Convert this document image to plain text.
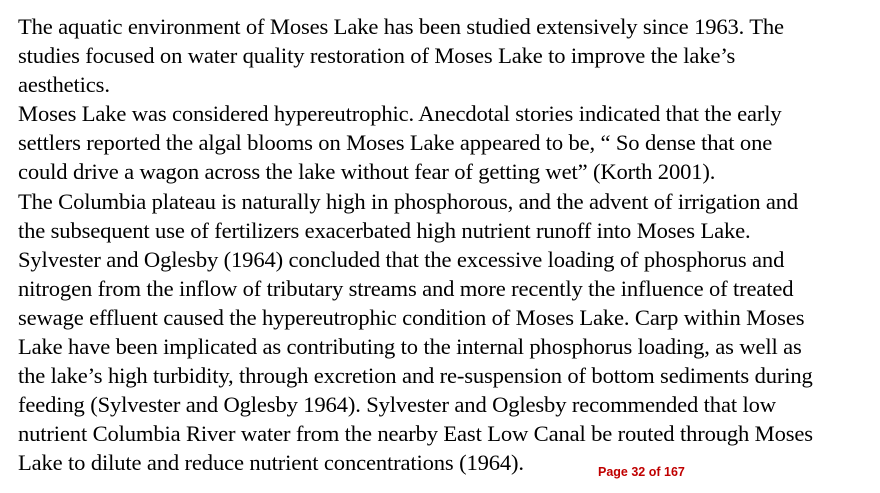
The aquatic environment of Moses Lake has been studied extensively since 1963. The
studies focused on water quality restoration of Moses Lake to improve the lake’s
aesthetics.
Moses Lake was considered hypereutrophic. Anecdotal stories indicated that the early
settlers reported the algal blooms on Moses Lake appeared to be, “ So dense that one
could drive a wagon across the lake without fear of getting wet” (Korth 2001).
The Columbia plateau is naturally high in phosphorous, and the advent of irrigation and
the subsequent use of fertilizers exacerbated high nutrient runoff into Moses Lake.
Sylvester and Oglesby (1964) concluded that the excessive loading of phosphorus and
nitrogen from the inflow of tributary streams and more recently the influence of treated
sewage effluent caused the hypereutrophic condition of Moses Lake. Carp within Moses
Lake have been implicated as contributing to the internal phosphorus loading, as well as
the lake’s high turbidity, through excretion and re-suspension of bottom sediments during
feeding (Sylvester and Oglesby 1964). Sylvester and Oglesby recommended that low
nutrient Columbia River water from the nearby East Low Canal be routed through Moses
Lake to dilute and reduce nutrient concentrations (1964).	Page 32 of 167
